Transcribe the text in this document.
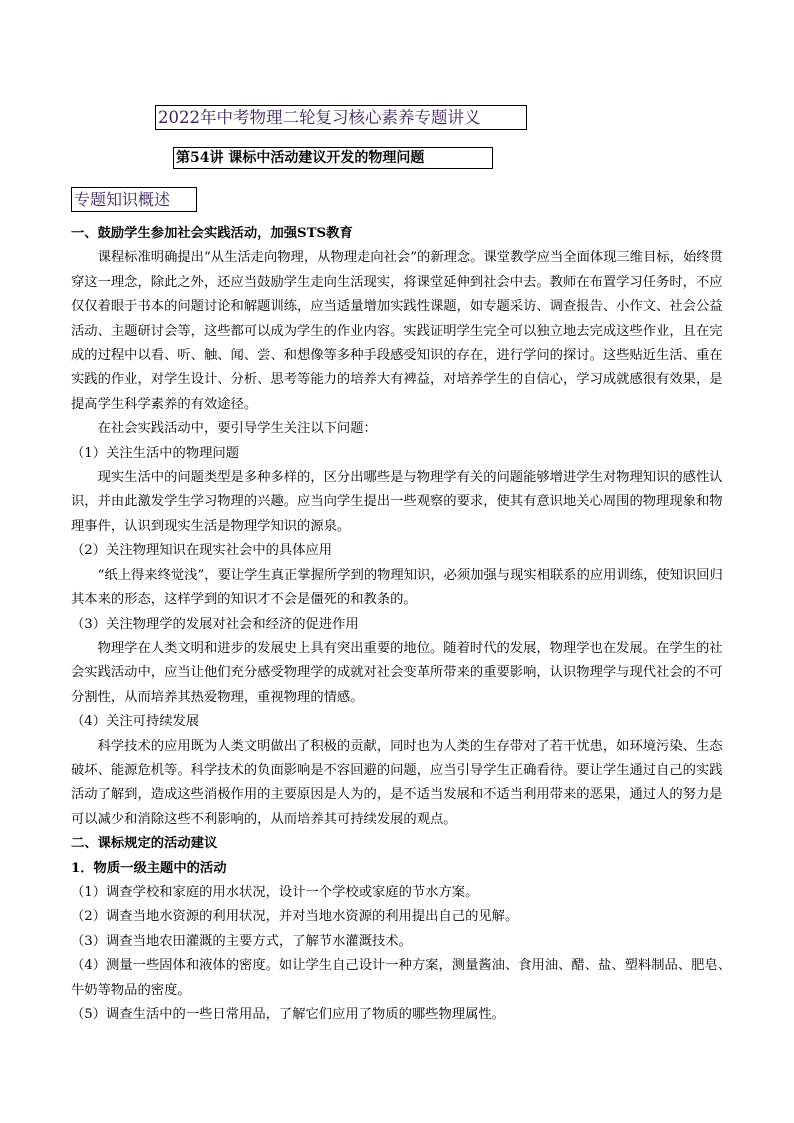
2022年中考物理二轮复习核心素养专题讲义
第54讲 课标中活动建议开发的物理问题
专题知识概述

一、鼓励学生参加社会实践活动，加强STS教育

课程标准明确提出“从生活走向物理，从物理走向社会”的新理念。课堂教学应当全面体现三维目标，始终贯穿这一理念，除此之外，还应当鼓励学生走向生活现实，将课堂延伸到社会中去。教师在布置学习任务时，不应仅仅着眼于书本的问题讨论和解题训练，应当适量增加实践性课题，如专题采访、调查报告、小作文、社会公益活动、主题研讨会等，这些都可以成为学生的作业内容。实践证明学生完全可以独立地去完成这些作业，且在完成的过程中以看、听、触、闻、尝、和想像等多种手段感受知识的存在，进行学问的探讨。这些贴近生活、重在实践的作业，对学生设计、分析、思考等能力的培养大有裨益，对培养学生的自信心，学习成就感很有效果，是提高学生科学素养的有效途径。

在社会实践活动中，要引导学生关注以下问题：

（1）关注生活中的物理问题

现实生活中的问题类型是多种多样的，区分出哪些是与物理学有关的问题能够增进学生对物理知识的感性认识，并由此激发学生学习物理的兴趣。应当向学生提出一些观察的要求，使其有意识地关心周围的物理现象和物理事件，认识到现实生活是物理学知识的源泉。

（2）关注物理知识在现实社会中的具体应用

“纸上得来终觉浅”，要让学生真正掌握所学到的物理知识，必须加强与现实相联系的应用训练，使知识回归其本来的形态，这样学到的知识才不会是僵死的和教条的。

（3）关注物理学的发展对社会和经济的促进作用

物理学在人类文明和进步的发展史上具有突出重要的地位。随着时代的发展，物理学也在发展。在学生的社会实践活动中，应当让他们充分感受物理学的成就对社会变革所带来的重要影响，认识物理学与现代社会的不可分割性，从而培养其热爱物理，重视物理的情感。

（4）关注可持续发展

科学技术的应用既为人类文明做出了积极的贡献，同时也为人类的生存带对了若干忧患，如环境污染、生态破坏、能源危机等。科学技术的负面影响是不容回避的问题，应当引导学生正确看待。要让学生通过自己的实践活动了解到，造成这些消极作用的主要原因是人为的，是不适当发展和不适当利用带来的恶果，通过人的努力是可以减少和消除这些不利影响的，从而培养其可持续发展的观点。

二、课标规定的活动建议

1．物质一级主题中的活动

（1）调查学校和家庭的用水状况，设计一个学校或家庭的节水方案。

（2）调查当地水资源的利用状况，并对当地水资源的利用提出自己的见解。

（3）调查当地农田灌溉的主要方式，了解节水灌溉技术。

（4）测量一些固体和液体的密度。如让学生自己设计一种方案，测量酱油、食用油、醋、盐、塑料制品、肥皂、牛奶等物品的密度。

（5）调查生活中的一些日常用品，了解它们应用了物质的哪些物理属性。
